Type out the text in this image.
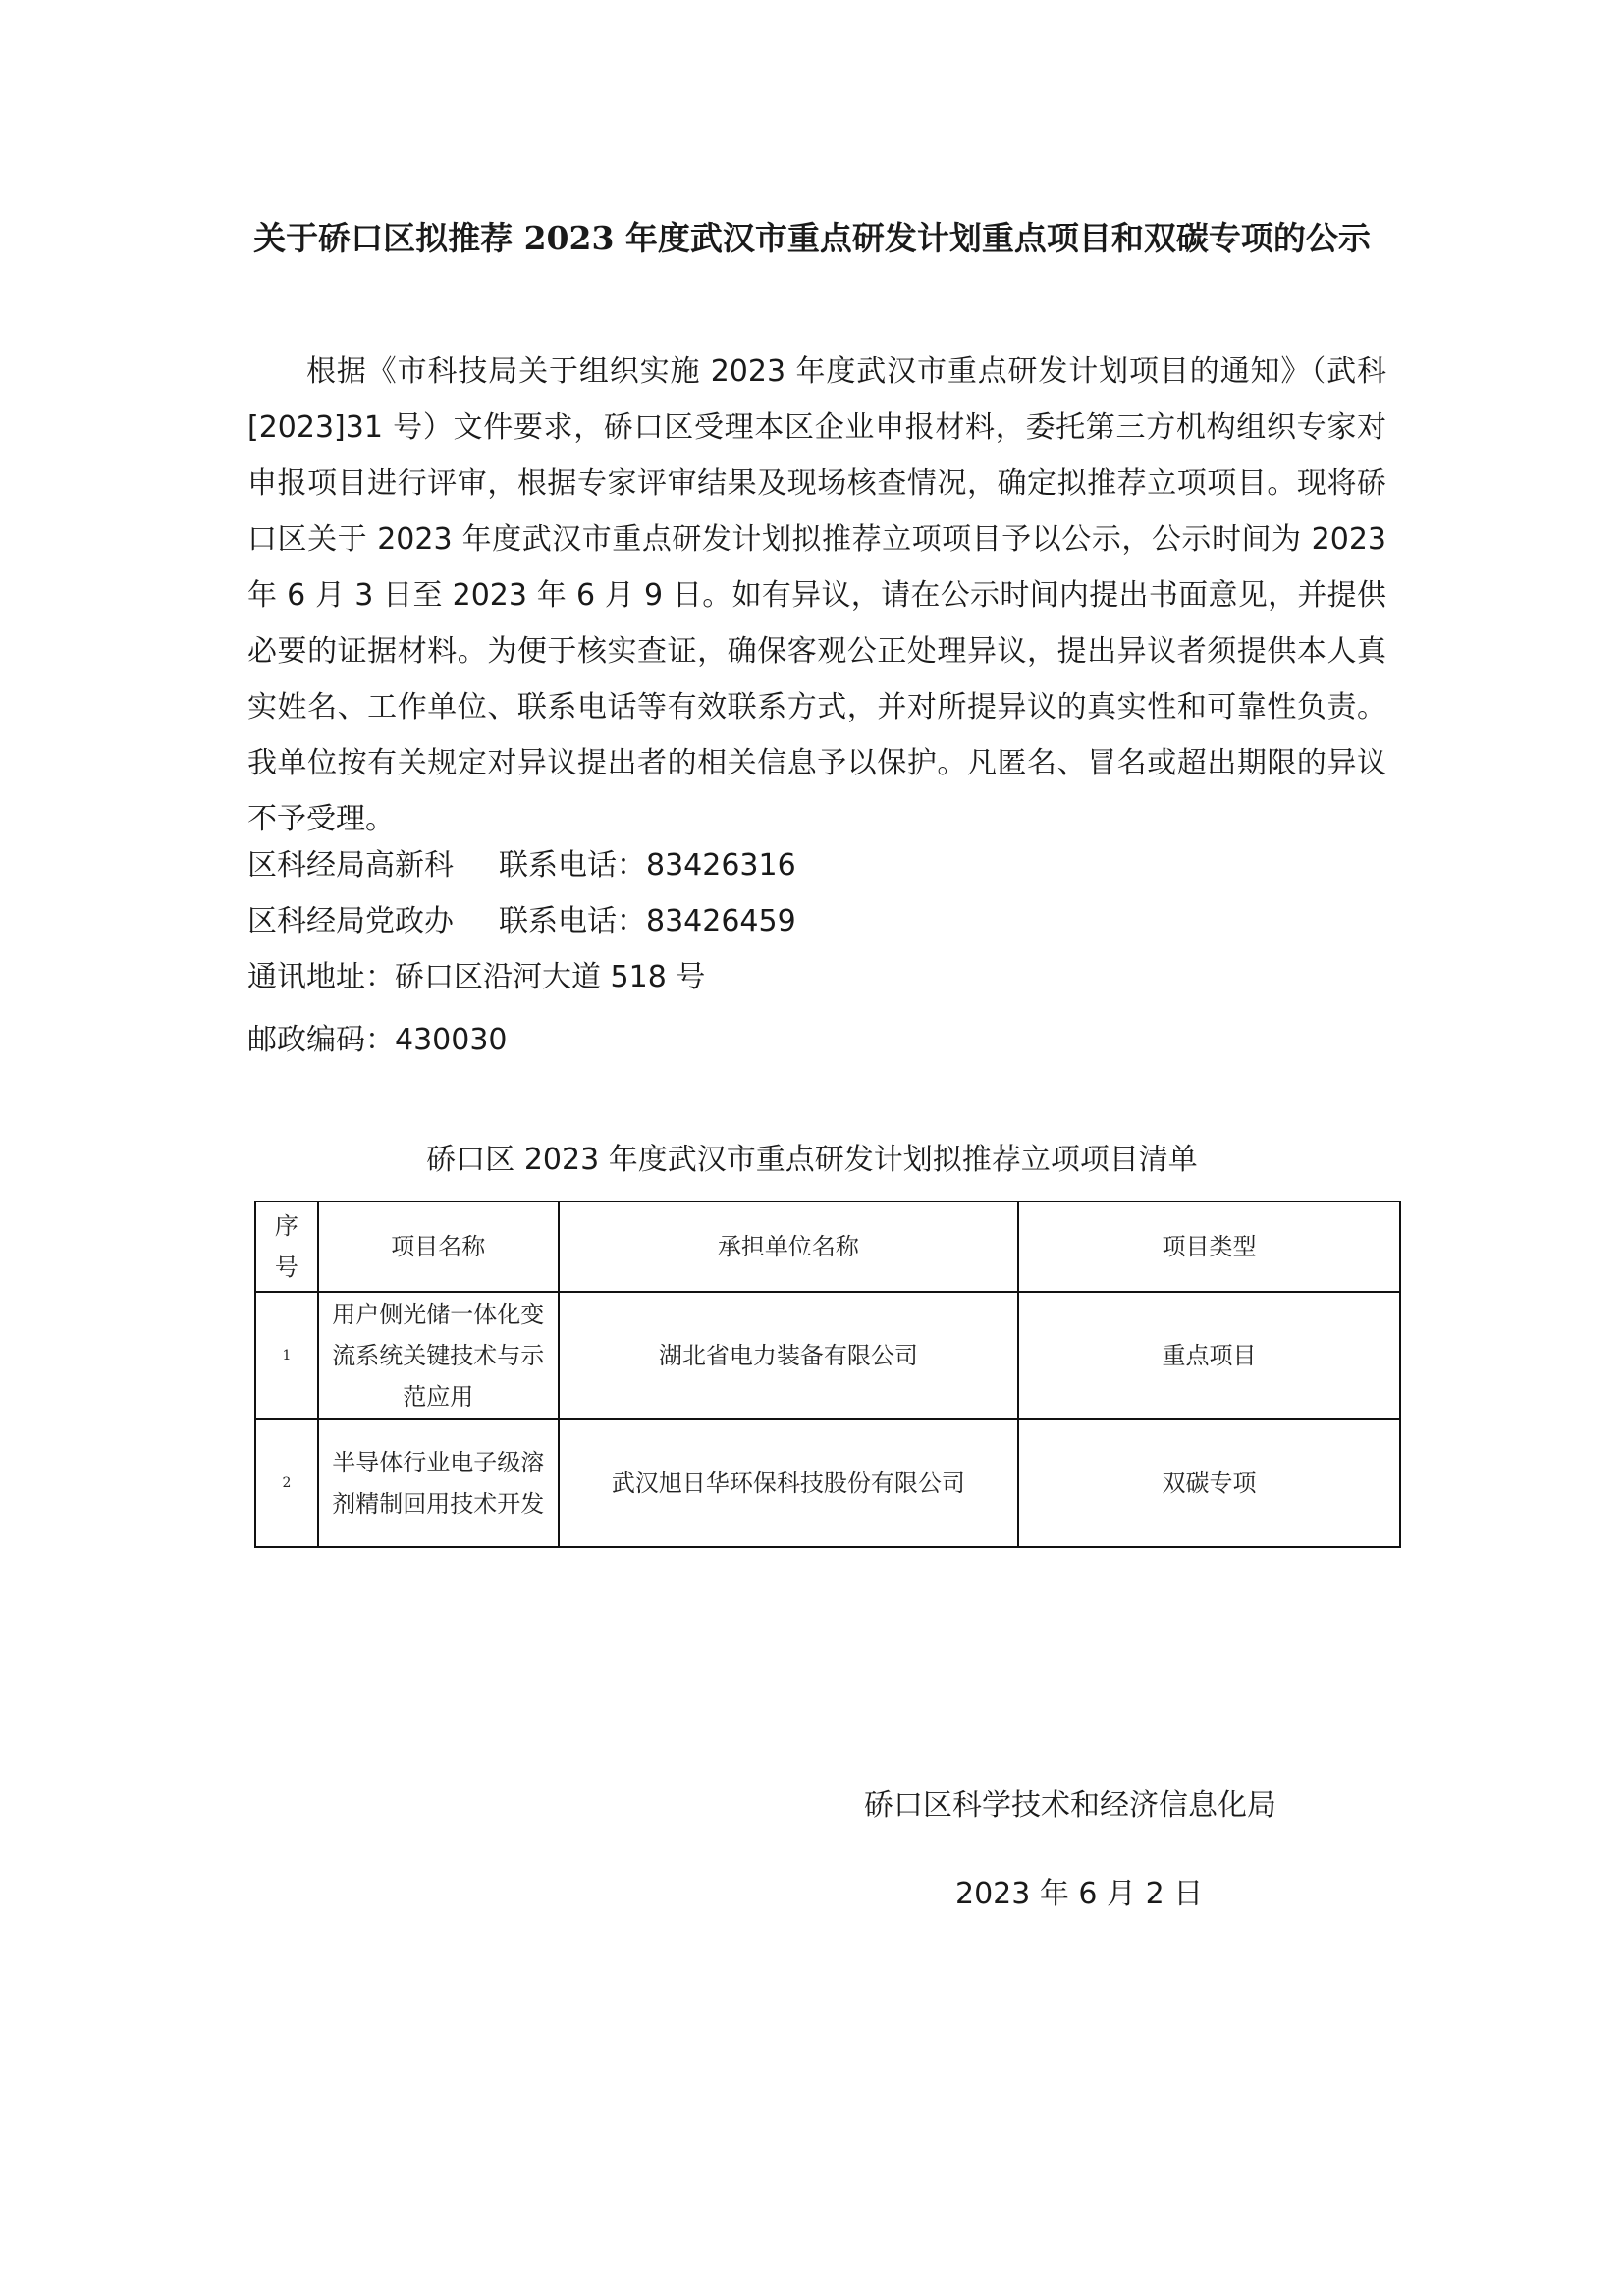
关于硚口区拟推荐 2023 年度武汉市重点研发计划重点项目和双碳专项的公示

根据《市科技局关于组织实施 2023 年度武汉市重点研发计划项目的通知》（武科[2023]31 号）文件要求，硚口区受理本区企业申报材料，委托第三方机构组织专家对申报项目进行评审，根据专家评审结果及现场核查情况，确定拟推荐立项项目。现将硚口区关于 2023 年度武汉市重点研发计划拟推荐立项项目予以公示，公示时间为 2023 年 6 月 3 日至 2023 年 6 月 9 日。如有异议，请在公示时间内提出书面意见，并提供必要的证据材料。为便于核实查证，确保客观公正处理异议，提出异议者须提供本人真实姓名、工作单位、联系电话等有效联系方式，并对所提异议的真实性和可靠性负责。我单位按有关规定对异议提出者的相关信息予以保护。凡匿名、冒名或超出期限的异议不予受理。

区科经局高新科 联系电话：83426316

区科经局党政办 联系电话：83426459

通讯地址：硚口区沿河大道 518 号

邮政编码：430030

硚口区 2023 年度武汉市重点研发计划拟推荐立项项目清单

序号	项目名称	承担单位名称	项目类型
1	用户侧光储一体化变流系统关键技术与示范应用	湖北省电力装备有限公司	重点项目
2	半导体行业电子级溶剂精制回用技术开发	武汉旭日华环保科技股份有限公司	双碳专项

硚口区科学技术和经济信息化局

2023 年 6 月 2 日
